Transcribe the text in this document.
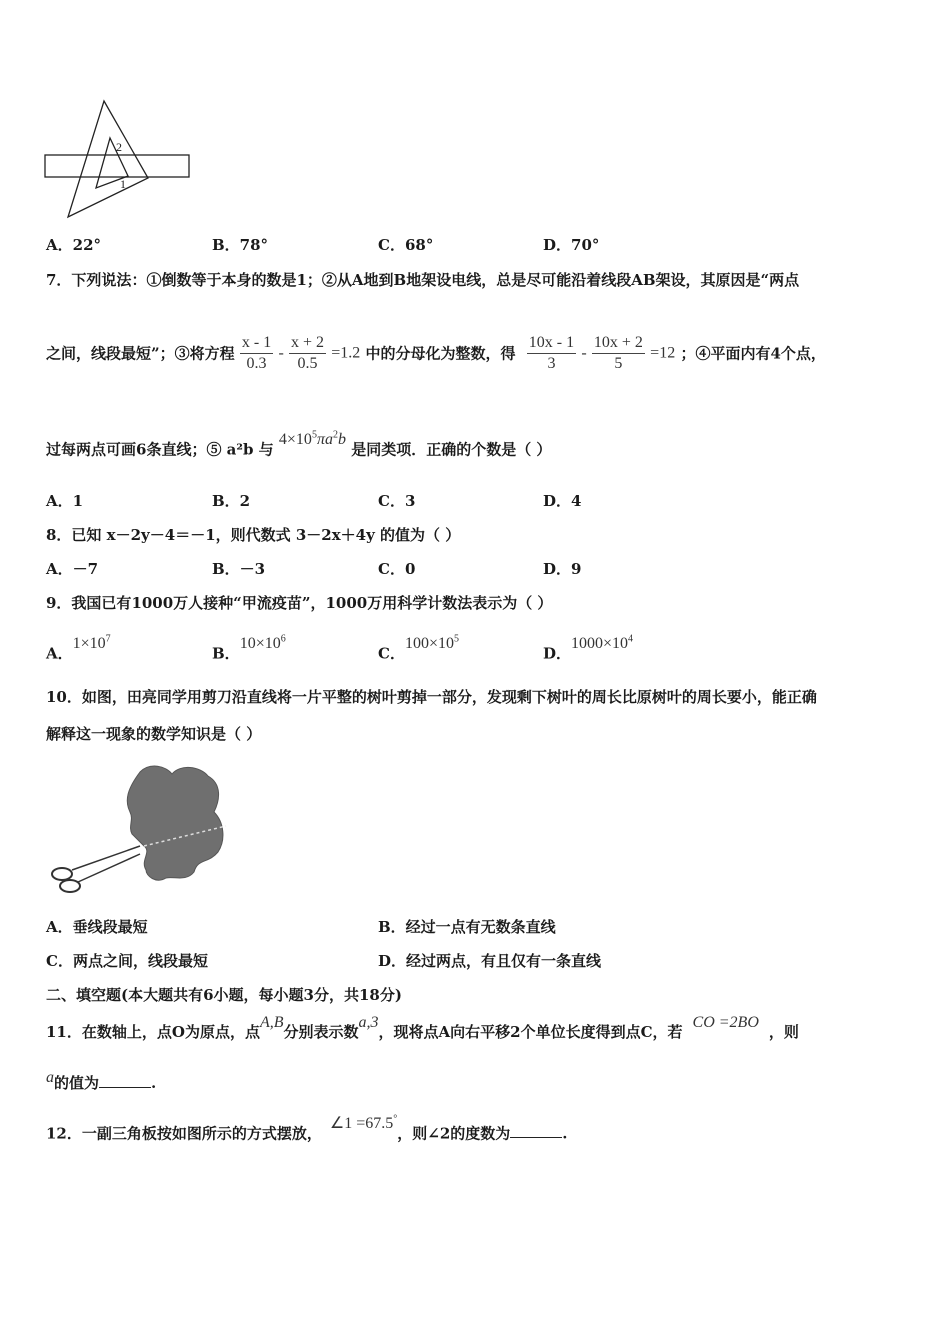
2
1
A．22°	B．78°	C．68°	D．70°
7．下列说法：①倒数等于本身的数是1；②从A地到B地架设电线，总是尽可能沿着线段AB架设，其原因是“两点
之间，线段最短”；③将方程 $\frac{x - 1}{0.3} - \frac{x + 2}{0.5} =1.2$ 中的分母化为整数，得 $\frac{10x - 1}{3} - \frac{10x + 2}{5} =12$ ；④平面内有4个点，
过每两点可画6条直线；⑤ a²b 与 $4\times 10^5\pi a^2b$ 是同类项．正确的个数是（ ）
A．1	B．2	C．3	D．4
8．已知 x－2y－4＝－1，则代数式 3－2x＋4y 的值为（ ）
A．－7	B．－3	C．0	D．9
9．我国已有1000万人接种“甲流疫苗”，1000万用科学计数法表示为（ ）
A．$1\times 10^7$
B．$10\times 10^6$
C．$100\times 10^5$
D．$1000\times 10^4$
10．如图，田亮同学用剪刀沿直线将一片平整的树叶剪掉一部分，发现剩下树叶的周长比原树叶的周长要小，能正确
解释这一现象的数学知识是（ ）
A．垂线段最短	B．经过一点有无数条直线
C．两点之间，线段最短	D．经过两点，有且仅有一条直线
二、填空题(本大题共有6小题，每小题3分，共18分)
11．在数轴上，点O为原点，点A,B分别表示数a,3，现将点A向右平移2个单位长度得到点C，若CO =2BO，则
a的值为	.
12．一副三角板按如图所示的方式摆放，∠1 =67.5°，则∠2的度数为	.
